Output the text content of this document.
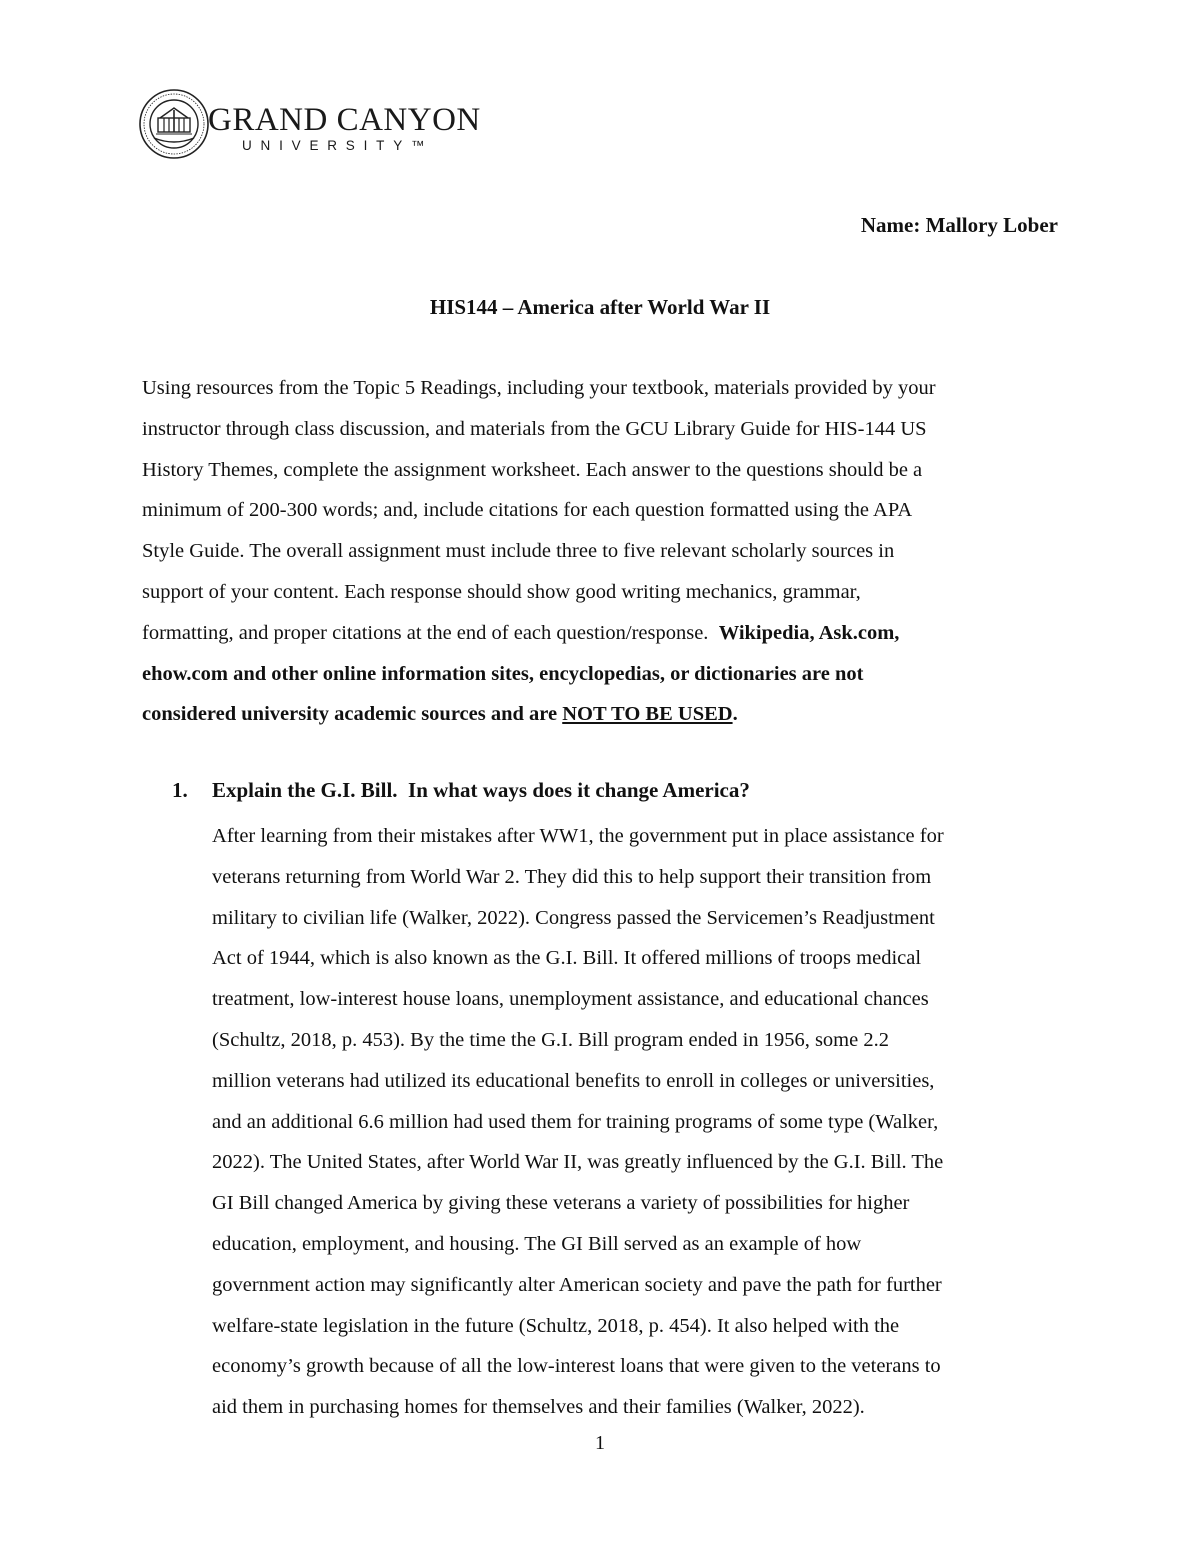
GRAND CANYON
UNIVERSITY™
Name: Mallory Lober
HIS144 – America after World War II
Using resources from the Topic 5 Readings, including your textbook, materials provided by your
instructor through class discussion, and materials from the GCU Library Guide for HIS-144 US
History Themes, complete the assignment worksheet. Each answer to the questions should be a
minimum of 200-300 words; and, include citations for each question formatted using the APA
Style Guide. The overall assignment must include three to five relevant scholarly sources in
support of your content. Each response should show good writing mechanics, grammar,
formatting, and proper citations at the end of each question/response.  Wikipedia, Ask.com,
ehow.com and other online information sites, encyclopedias, or dictionaries are not
considered university academic sources and are NOT TO BE USED.
1. Explain the G.I. Bill.  In what ways does it change America?
After learning from their mistakes after WW1, the government put in place assistance for
veterans returning from World War 2. They did this to help support their transition from
military to civilian life (Walker, 2022). Congress passed the Servicemen’s Readjustment
Act of 1944, which is also known as the G.I. Bill. It offered millions of troops medical
treatment, low-interest house loans, unemployment assistance, and educational chances
(Schultz, 2018, p. 453). By the time the G.I. Bill program ended in 1956, some 2.2
million veterans had utilized its educational benefits to enroll in colleges or universities,
and an additional 6.6 million had used them for training programs of some type (Walker,
2022). The United States, after World War II, was greatly influenced by the G.I. Bill. The
GI Bill changed America by giving these veterans a variety of possibilities for higher
education, employment, and housing. The GI Bill served as an example of how
government action may significantly alter American society and pave the path for further
welfare-state legislation in the future (Schultz, 2018, p. 454). It also helped with the
economy’s growth because of all the low-interest loans that were given to the veterans to
aid them in purchasing homes for themselves and their families (Walker, 2022).
1
